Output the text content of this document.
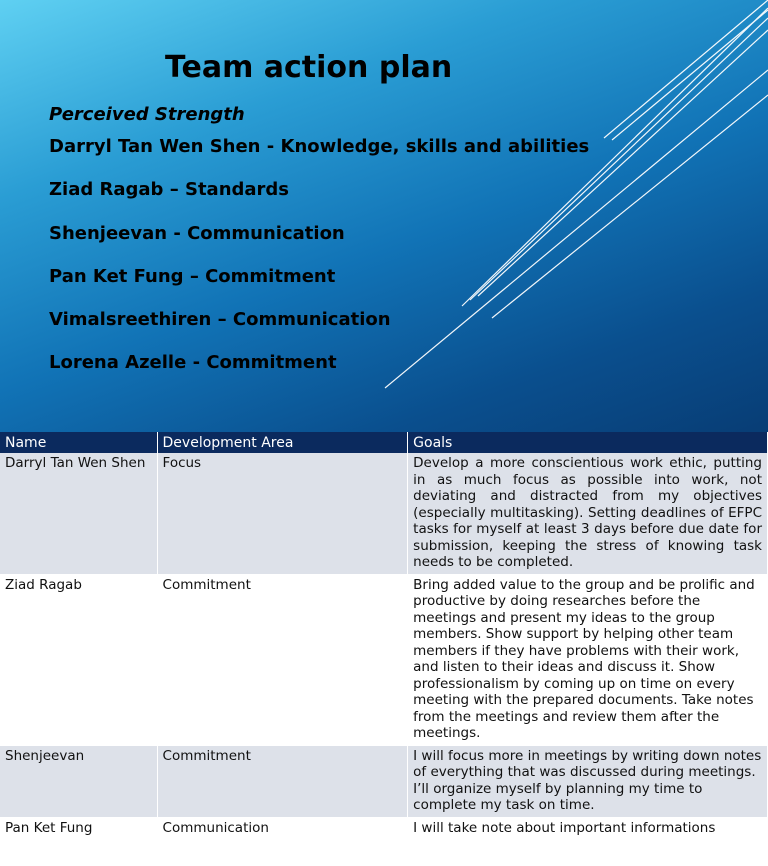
Team action plan
Perceived Strength
Darryl Tan Wen Shen - Knowledge, skills and abilities
Ziad Ragab – Standards
Shenjeevan - Communication
Pan Ket Fung – Commitment
Vimalsreethiren – Communication
Lorena Azelle - Commitment
Name	Development Area	Goals
Darryl Tan Wen Shen	Focus	Develop a more conscientious work ethic, putting in as much focus as possible into work, not deviating and distracted from my objectives (especially multitasking). Setting deadlines of EFPC tasks for myself at least 3 days before due date for submission, keeping the stress of knowing task needs to be completed.
Ziad Ragab	Commitment	Bring added value to the group and be prolific and productive by doing researches before the meetings and present my ideas to the group members. Show support by helping other team members if they have problems with their work, and listen to their ideas and discuss it. Show professionalism by coming up on time on every meeting with the prepared documents. Take notes from the meetings and review them after the meetings.
Shenjeevan	Commitment	I will focus more in meetings by writing down notes of everything that was discussed during meetings. I’ll organize myself by planning my time to complete my task on time.
Pan Ket Fung	Communication	I will take note about important informations
